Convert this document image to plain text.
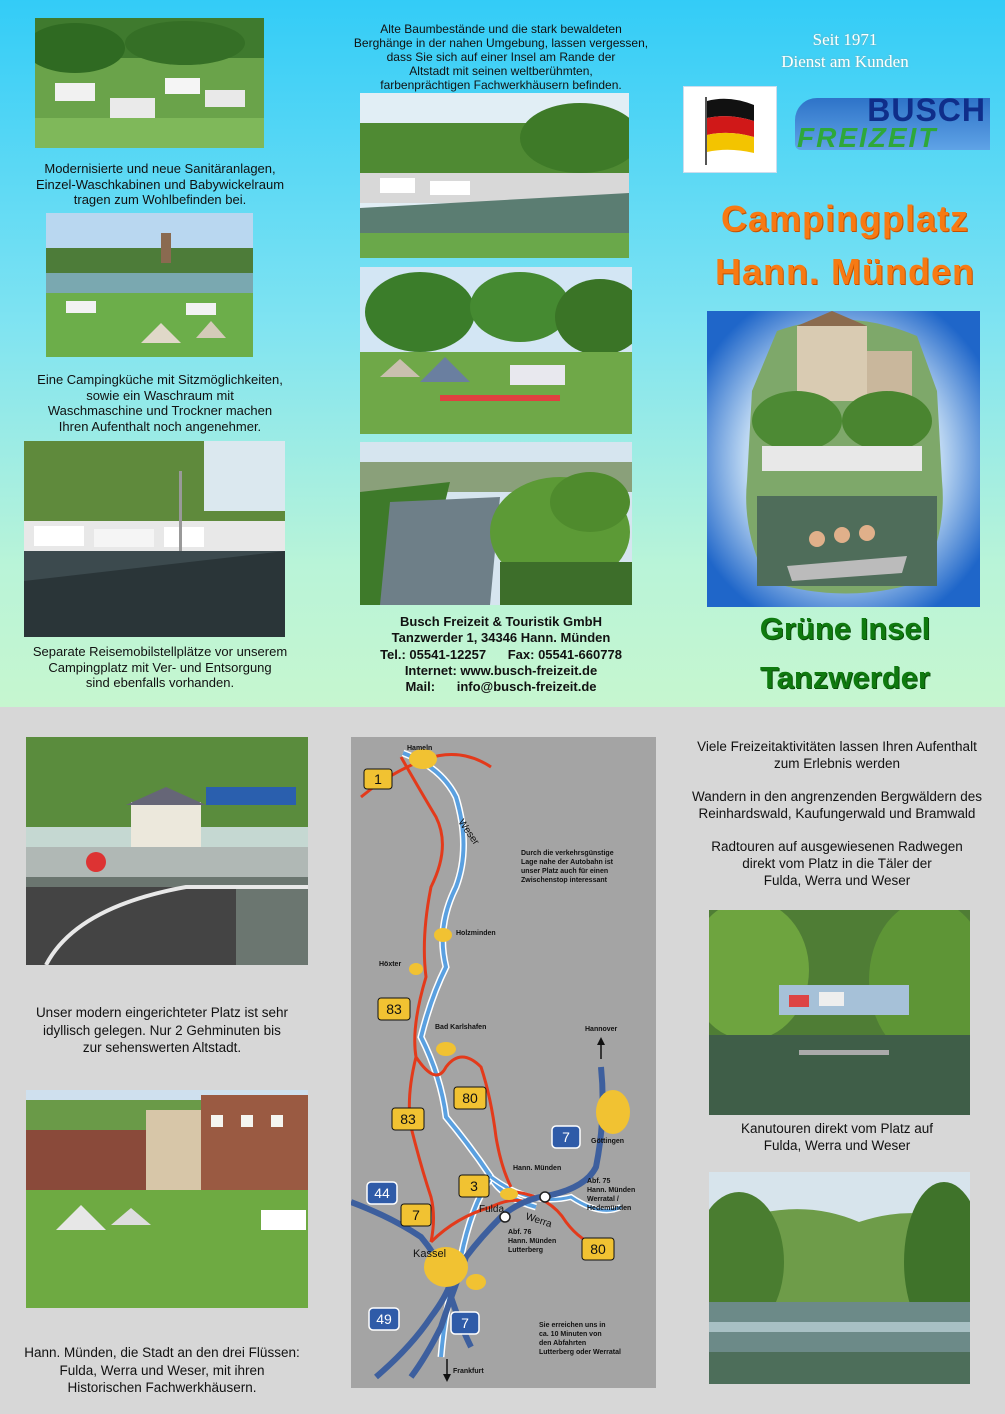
Modernisierte und neue Sanitäranlagen,
Einzel-Waschkabinen und Babywickelraum
tragen zum Wohlbefinden bei.
Eine Campingküche mit Sitzmöglichkeiten,
sowie ein Waschraum mit
Waschmaschine und Trockner machen
Ihren Aufenthalt noch angenehmer.
Separate Reisemobilstellplätze vor unserem
Campingplatz mit Ver- und Entsorgung
sind ebenfalls vorhanden.
Alte Baumbestände und die stark bewaldeten
Berghänge in der nahen Umgebung, lassen vergessen,
dass Sie sich auf einer Insel am Rande der
Altstadt mit seinen weltberühmten,
farbenprächtigen Fachwerkhäusern befinden.
Busch Freizeit & Touristik GmbH
Tanzwerder 1, 34346 Hann. Münden
Tel.: 05541-12257      Fax: 05541-660778
Internet: www.busch-freizeit.de
Mail:      info@busch-freizeit.de
Seit 1971
Dienst am Kunden
BUSCH
FREIZEIT
Campingplatz
Hann. Münden
Grüne Insel
Tanzwerder
Unser modern eingerichteter Platz ist sehr
idyllisch gelegen. Nur 2 Gehminuten bis
zur sehenswerten Altstadt.
Hann. Münden, die Stadt an den drei Flüssen:
Fulda, Werra und Weser, mit ihren
Historischen Fachwerkhäusern.
1
83
83
80
3
7
80
7
44
49	7
Hameln
Weser
Holzminden
Höxter
Bad Karlshafen	Hannover
Göttingen
Hann. Münden
Fulda
Werra
Kassel
Frankfurt
Durch die verkehrsgünstige Lage nahe der Autobahn ist unser Platz auch für einen Zwischenstop interessant
Abf. 75 Hann. Münden Werratal / Hedemünden
Abf. 76 Hann. Münden Lutterberg
Sie erreichen uns in ca. 10 Minuten von den Abfahrten Lutterberg oder Werratal
Viele Freizeitaktivitäten lassen Ihren Aufenthalt
zum Erlebnis werden
Wandern in den angrenzenden Bergwäldern des
Reinhardswald, Kaufungerwald und Bramwald
Radtouren auf ausgewiesenen Radwegen
direkt vom Platz in die Täler der
Fulda, Werra und Weser
Kanutouren direkt vom Platz auf
Fulda, Werra und Weser
